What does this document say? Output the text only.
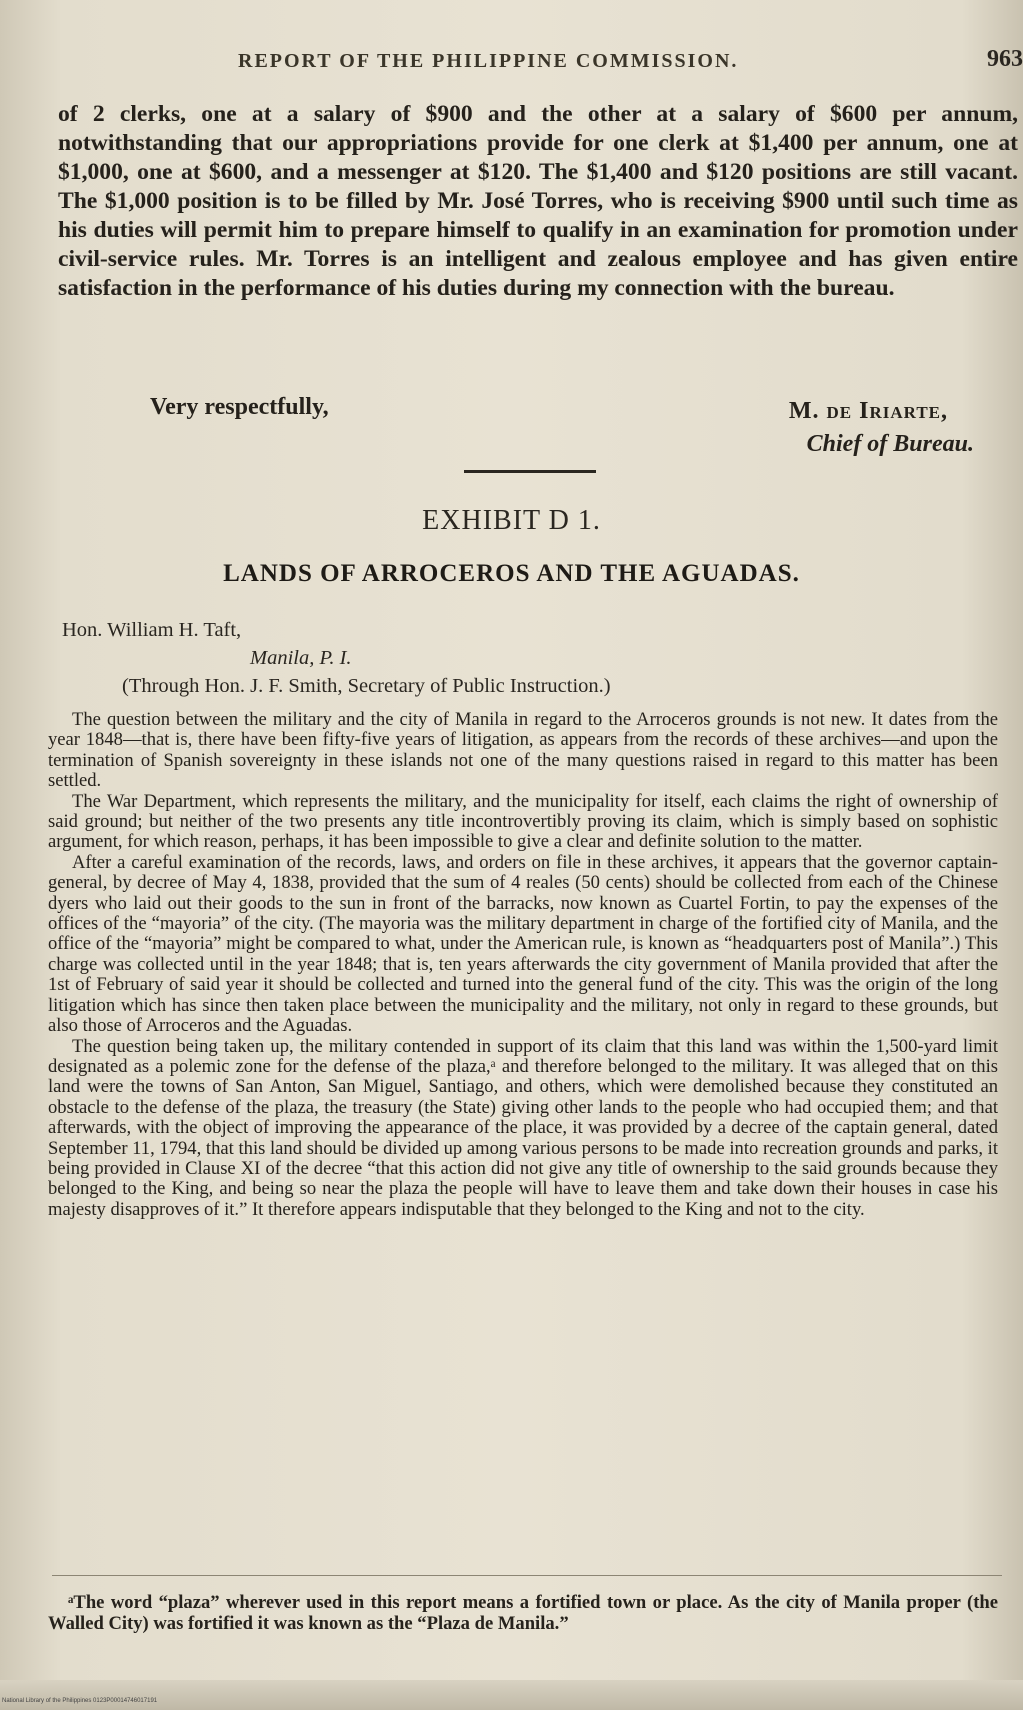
REPORT OF THE PHILIPPINE COMMISSION.	963
of 2 clerks, one at a salary of $900 and the other at a salary of $600 per annum, notwithstanding that our appropriations provide for one clerk at $1,400 per annum, one at $1,000, one at $600, and a messenger at $120. The $1,400 and $120 positions are still vacant. The $1,000 position is to be filled by Mr. José Torres, who is receiving $900 until such time as his duties will permit him to prepare himself to qualify in an examination for promotion under civil-service rules. Mr. Torres is an intelligent and zealous employee and has given entire satisfaction in the performance of his duties during my connection with the bureau.
Very respectfully,	M. de Iriarte,
Chief of Bureau.
EXHIBIT D 1.
LANDS OF ARROCEROS AND THE AGUADAS.
Hon. William H. Taft,
Manila, P. I.
(Through Hon. J. F. Smith, Secretary of Public Instruction.)

The question between the military and the city of Manila in regard to the Arroceros grounds is not new. It dates from the year 1848—that is, there have been fifty-five years of litigation, as appears from the records of these archives—and upon the termination of Spanish sovereignty in these islands not one of the many questions raised in regard to this matter has been settled.

The War Department, which represents the military, and the municipality for itself, each claims the right of ownership of said ground; but neither of the two presents any title incontrovertibly proving its claim, which is simply based on sophistic argument, for which reason, perhaps, it has been impossible to give a clear and definite solution to the matter.

After a careful examination of the records, laws, and orders on file in these archives, it appears that the governor captain-general, by decree of May 4, 1838, provided that the sum of 4 reales (50 cents) should be collected from each of the Chinese dyers who laid out their goods to the sun in front of the barracks, now known as Cuartel Fortin, to pay the expenses of the offices of the “mayoria” of the city. (The mayoria was the military department in charge of the fortified city of Manila, and the office of the “mayoria” might be compared to what, under the American rule, is known as “headquarters post of Manila”.) This charge was collected until in the year 1848; that is, ten years afterwards the city government of Manila provided that after the 1st of February of said year it should be collected and turned into the general fund of the city. This was the origin of the long litigation which has since then taken place between the municipality and the military, not only in regard to these grounds, but also those of Arroceros and the Aguadas.

The question being taken up, the military contended in support of its claim that this land was within the 1,500-yard limit designated as a polemic zone for the defense of the plaza,ᵃ and therefore belonged to the military. It was alleged that on this land were the towns of San Anton, San Miguel, Santiago, and others, which were demolished because they constituted an obstacle to the defense of the plaza, the treasury (the State) giving other lands to the people who had occupied them; and that afterwards, with the object of improving the appearance of the place, it was provided by a decree of the captain general, dated September 11, 1794, that this land should be divided up among various persons to be made into recreation grounds and parks, it being provided in Clause XI of the decree “that this action did not give any title of ownership to the said grounds because they belonged to the King, and being so near the plaza the people will have to leave them and take down their houses in case his majesty disapproves of it.” It therefore appears indisputable that they belonged to the King and not to the city.

ᵃThe word “plaza” wherever used in this report means a fortified town or place. As the city of Manila proper (the Walled City) was fortified it was known as the “Plaza de Manila.”

National Library of the Philippines 0123P00014746017191
